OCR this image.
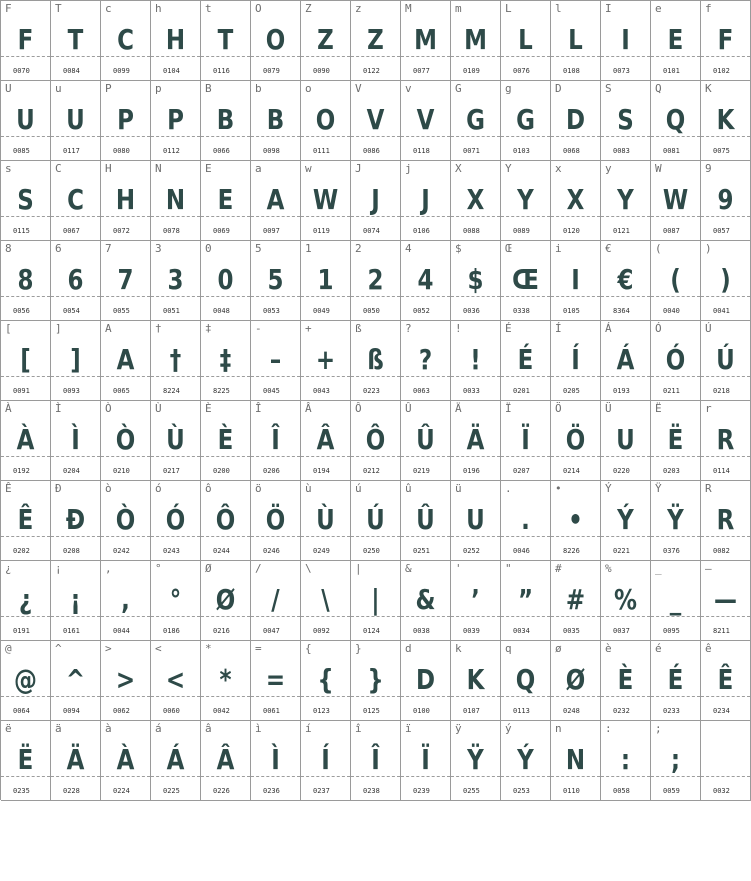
F
F
0070
T
T
0084
c
C
0099
h
H
0104
t
T
0116
O
O
0079
Z
Z
0090
z
Z
0122
M
M
0077
m
M
0109
L
L
0076
l
L
0108
I
I
0073
e
E
0101
f
F
0102
U
U
0085
u
U
0117
P
P
0080
p
P
0112
B
B
0066
b
B
0098
o
O
0111
V
V
0086
v
V
0118
G
G
0071
g
G
0103
D
D
0068
S
S
0083
Q
Q
0081
K
K
0075
s
S
0115
C
C
0067
H
H
0072
N
N
0078
E
E
0069
a
A
0097
w
W
0119
J
J
0074
j
J
0106
X
X
0088
Y
Y
0089
x
X
0120
y
Y
0121
W
W
0087
9
9
0057
8
8
0056
6
6
0054
7
7
0055
3
3
0051
0
0
0048
5
5
0053
1
1
0049
2
2
0050
4
4
0052
$
$
0036
Œ
Œ
0338
i
I
0105
€
€
8364
(
(
0040
)
)
0041
[
[
0091
]
]
0093
A
A
0065
†
†
8224
‡
‡
8225
-
–
0045
+
+
0043
ß
ß
0223
?
?
0063
!
!
0033
É
É
0201
Í
Í
0205
Á
Á
0193
Ó
Ó
0211
Ú
Ú
0218
À
À
0192
Ì
Ì
0204
Ò
Ò
0210
Ù
Ù
0217
È
È
0200
Î
Î
0206
Â
Â
0194
Ô
Ô
0212
Û
Û
0219
Ä
Ä
0196
Ï
Ï
0207
Ö
Ö
0214
Ü
U
0220
Ë
Ë
0203
r
R
0114
Ê
Ê
0202
Ð
Ð
0208
ò
Ò
0242
ó
Ó
0243
ô
Ô
0244
ö
Ö
0246
ù
Ù
0249
ú
Ú
0250
û
Û
0251
ü
U
0252
.
.
0046
•
•
8226
Ý
Ý
0221
Ÿ
Ÿ
0376
R
R
0082
¿
¿
0191
¡
¡
0161
,
,
0044
°
°
0186
Ø
Ø
0216
/
/
0047
\
\
0092
|
|
0124
&
&
0038
'
’
0039
"
”
0034
#
#
0035
%
%
0037
_
_
0095
–
—
8211
@
@
0064
^
^
0094
>
>
0062
<
<
0060
*
*
0042
=
=
0061
{
{
0123
}
}
0125
d
D
0100
k
K
0107
q
Q
0113
ø
Ø
0248
è
È
0232
é
É
0233
ê
Ê
0234
ë
Ë
0235
ä
Ä
0228
à
À
0224
á
Á
0225
â
Â
0226
ì
Ì
0236
í
Í
0237
î
Î
0238
ï
Ï
0239
ÿ
Ÿ
0255
ý
Ý
0253
n
N
0110
:
:
0058
;
;
0059	0032
